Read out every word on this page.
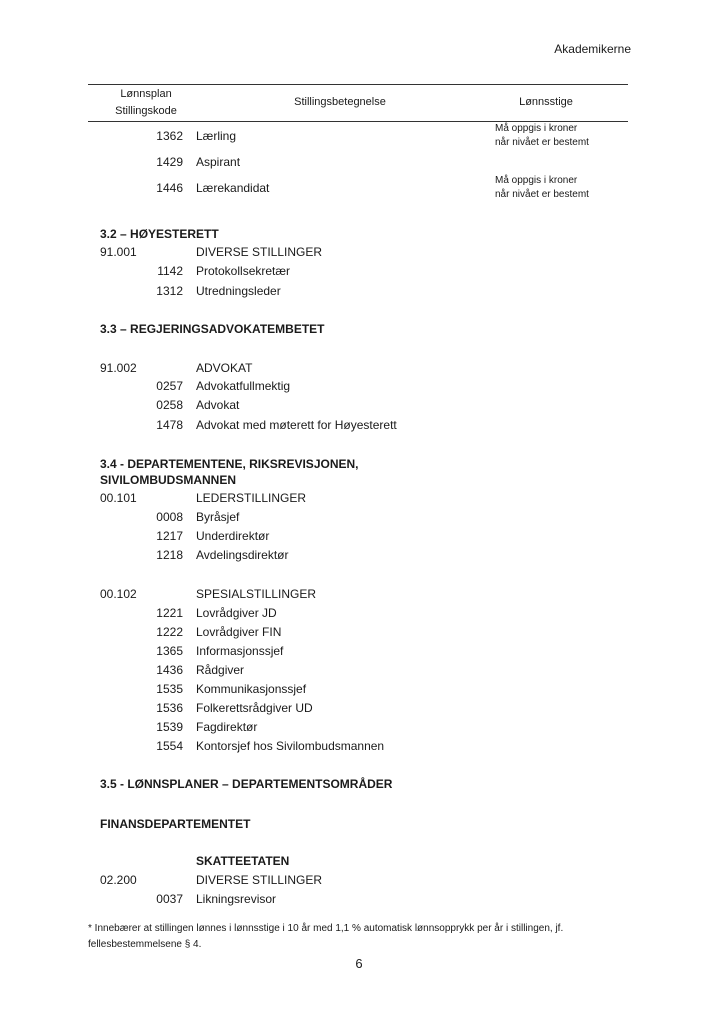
Akademikerne
Lønnsplan
Stillingskode
Stillingsbetegnelse	Lønnsstige
1362 Lærling
Må oppgis i kroner
når nivået er bestemt
1429 Aspirant
1446 Lærekandidat
Må oppgis i kroner
når nivået er bestemt
3.2 – HØYESTERETT
91.001	DIVERSE STILLINGER
1142 Protokollsekretær
1312 Utredningsleder
3.3 – REGJERINGSADVOKATEMBETET
91.002	ADVOKAT
0257 Advokatfullmektig
0258 Advokat
1478 Advokat med møterett for Høyesterett
3.4 - DEPARTEMENTENE, RIKSREVISJONEN,
SIVILOMBUDSMANNEN
00.101	LEDERSTILLINGER
0008 Byråsjef
1217 Underdirektør
1218 Avdelingsdirektør
00.102	SPESIALSTILLINGER
1221 Lovrådgiver JD
1222 Lovrådgiver FIN
1365 Informasjonssjef
1436 Rådgiver
1535 Kommunikasjonssjef
1536 Folkerettsrådgiver UD
1539 Fagdirektør
1554 Kontorsjef hos Sivilombudsmannen
3.5 - LØNNSPLANER – DEPARTEMENTSOMRÅDER
FINANSDEPARTEMENTET
SKATTEETATEN
02.200	DIVERSE STILLINGER
0037 Likningsrevisor
* Innebærer at stillingen lønnes i lønnsstige i 10 år med 1,1 % automatisk lønnsopprykk per år i stillingen, jf.
fellesbestemmelsene § 4.
6
